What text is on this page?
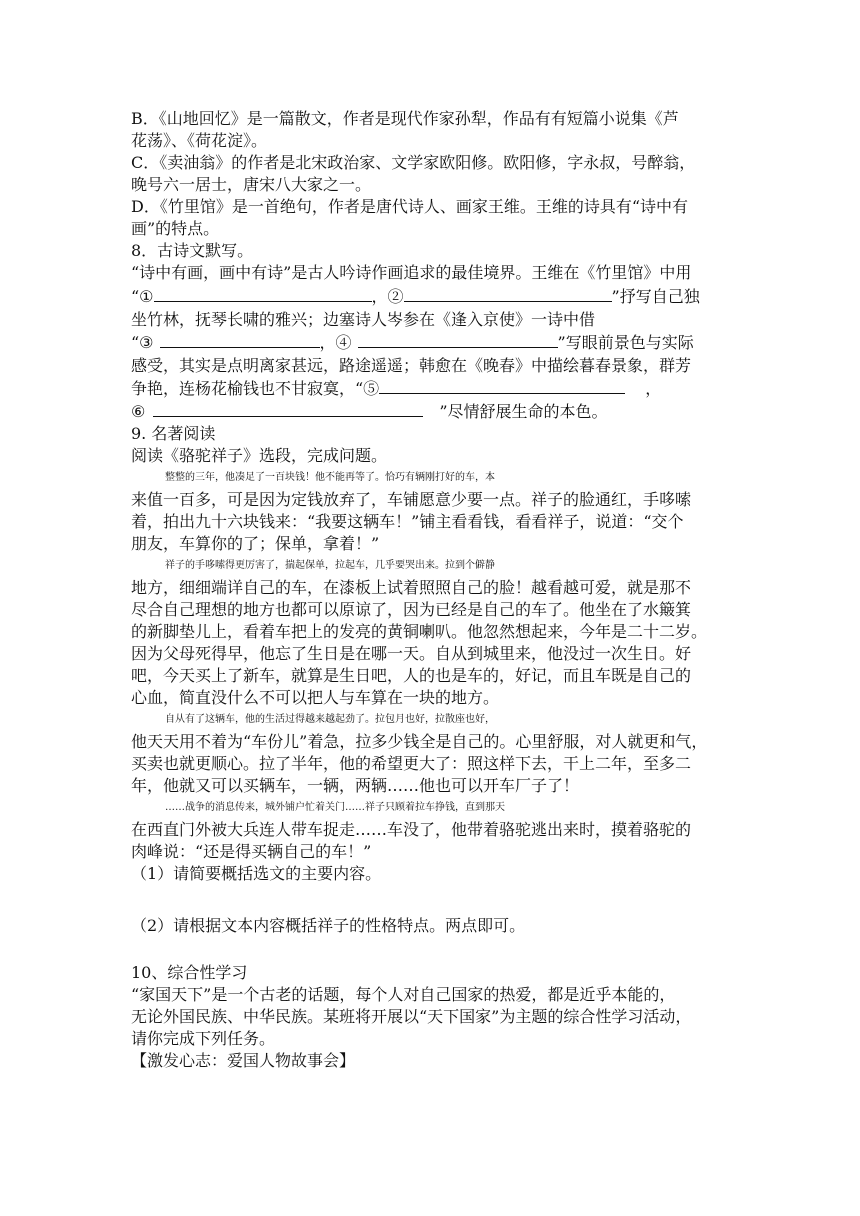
B．《山地回忆》是一篇散文，作者是现代作家孙犁，作品有有短篇小说集《芦
花荡》、《荷花淀》。
C．《卖油翁》的作者是北宋政治家、文学家欧阳修。欧阳修，字永叔，号醉翁，
晚号六一居士，唐宋八大家之一。
D．《竹里馆》是一首绝句，作者是唐代诗人、画家王维。王维的诗具有“诗中有
画”的特点。
8．古诗文默写。
“诗中有画，画中有诗”是古人吟诗作画追求的最佳境界。王维在《竹里馆》中用
“①	，②	”抒写自己独
坐竹林，抚琴长啸的雅兴；边塞诗人岑参在《逢入京使》一诗中借
“③	，④	”写眼前景色与实际
感受，其实是点明离家甚远，路途遥遥；韩愈在《晚春》中描绘暮春景象，群芳
争艳，连杨花榆钱也不甘寂寞，“⑤	，
⑥	”尽情舒展生命的本色。
9. 名著阅读
阅读《骆驼祥子》选段，完成问题。
整整的三年，他凑足了一百块钱！他不能再等了。恰巧有辆刚打好的车，本
来值一百多，可是因为定钱放弃了，车铺愿意少要一点。祥子的脸通红，手哆嗦
着，拍出九十六块钱来：“我要这辆车！”铺主看看钱，看看祥子，说道：“交个
朋友，车算你的了；保单，拿着！”
祥子的手哆嗦得更厉害了，揣起保单，拉起车，几乎要哭出来。拉到个僻静
地方，细细端详自己的车，在漆板上试着照照自己的脸！越看越可爱，就是那不
尽合自己理想的地方也都可以原谅了，因为已经是自己的车了。他坐在了水簸箕
的新脚垫儿上，看着车把上的发亮的黄铜喇叭。他忽然想起来，今年是二十二岁。
因为父母死得早，他忘了生日是在哪一天。自从到城里来，他没过一次生日。好
吧，今天买上了新车，就算是生日吧，人的也是车的，好记，而且车既是自己的
心血，简直没什么不可以把人与车算在一块的地方。
自从有了这辆车，他的生活过得越来越起劲了。拉包月也好，拉散座也好，
他天天用不着为“车份儿”着急，拉多少钱全是自己的。心里舒服，对人就更和气，
买卖也就更顺心。拉了半年，他的希望更大了：照这样下去，干上二年，至多二
年，他就又可以买辆车，一辆，两辆……他也可以开车厂子了！
……战争的消息传来，城外铺户忙着关门……祥子只顾着拉车挣钱，直到那天
在西直门外被大兵连人带车捉走……车没了，他带着骆驼逃出来时，摸着骆驼的
肉峰说：“还是得买辆自己的车！”
（1）请简要概括选文的主要内容。
（2）请根据文本内容概括祥子的性格特点。两点即可。
10、综合性学习
“家国天下”是一个古老的话题，每个人对自己国家的热爱，都是近乎本能的，
无论外国民族、中华民族。某班将开展以“天下国家”为主题的综合性学习活动，
请你完成下列任务。
【激发心志：爱国人物故事会】
